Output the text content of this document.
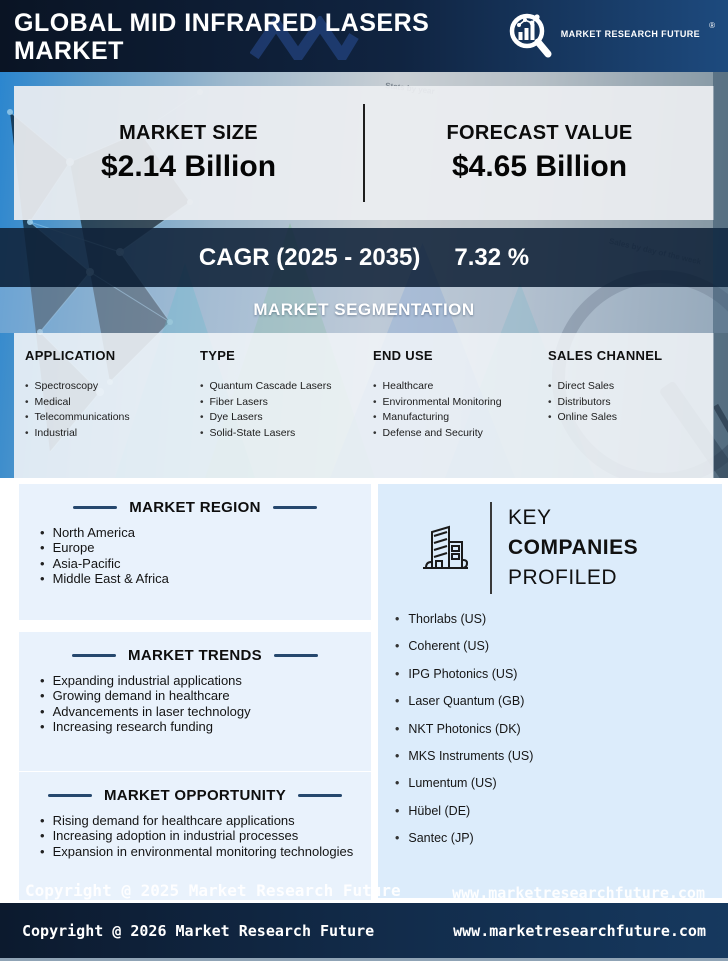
GLOBAL MID INFRARED LASERS MARKET
MARKET RESEARCH FUTURE
®
MARKET SIZE
$2.14 Billion
FORECAST VALUE
$4.65 Billion
CAGR (2025 - 2035) 7.32 %
MARKET SEGMENTATION
APPLICATION
• Spectroscopy
• Medical
• Telecommunications
• Industrial
TYPE
• Quantum Cascade Lasers
• Fiber Lasers
• Dye Lasers
• Solid-State Lasers
END USE
• Healthcare
• Environmental Monitoring
• Manufacturing
• Defense and Security
SALES CHANNEL
• Direct Sales
• Distributors
• Online Sales
MARKET REGION
• North America
• Europe
• Asia-Pacific
• Middle East & Africa
MARKET TRENDS
• Expanding industrial applications
• Growing demand in healthcare
• Advancements in laser technology
• Increasing research funding
MARKET OPPORTUNITY
• Rising demand for healthcare applications
• Increasing adoption in industrial processes
• Expansion in environmental monitoring technologies
KEY
COMPANIES
PROFILED
• Thorlabs (US)
• Coherent (US)
• IPG Photonics (US)
• Laser Quantum (GB)
• NKT Photonics (DK)
• MKS Instruments (US)
• Lumentum (US)
• Hübel (DE)
• Santec (JP)
Copyright @ 2025 Market Research Future	www.marketresearchfuture.com
Copyright @ 2026 Market Research Future	www.marketresearchfuture.com
